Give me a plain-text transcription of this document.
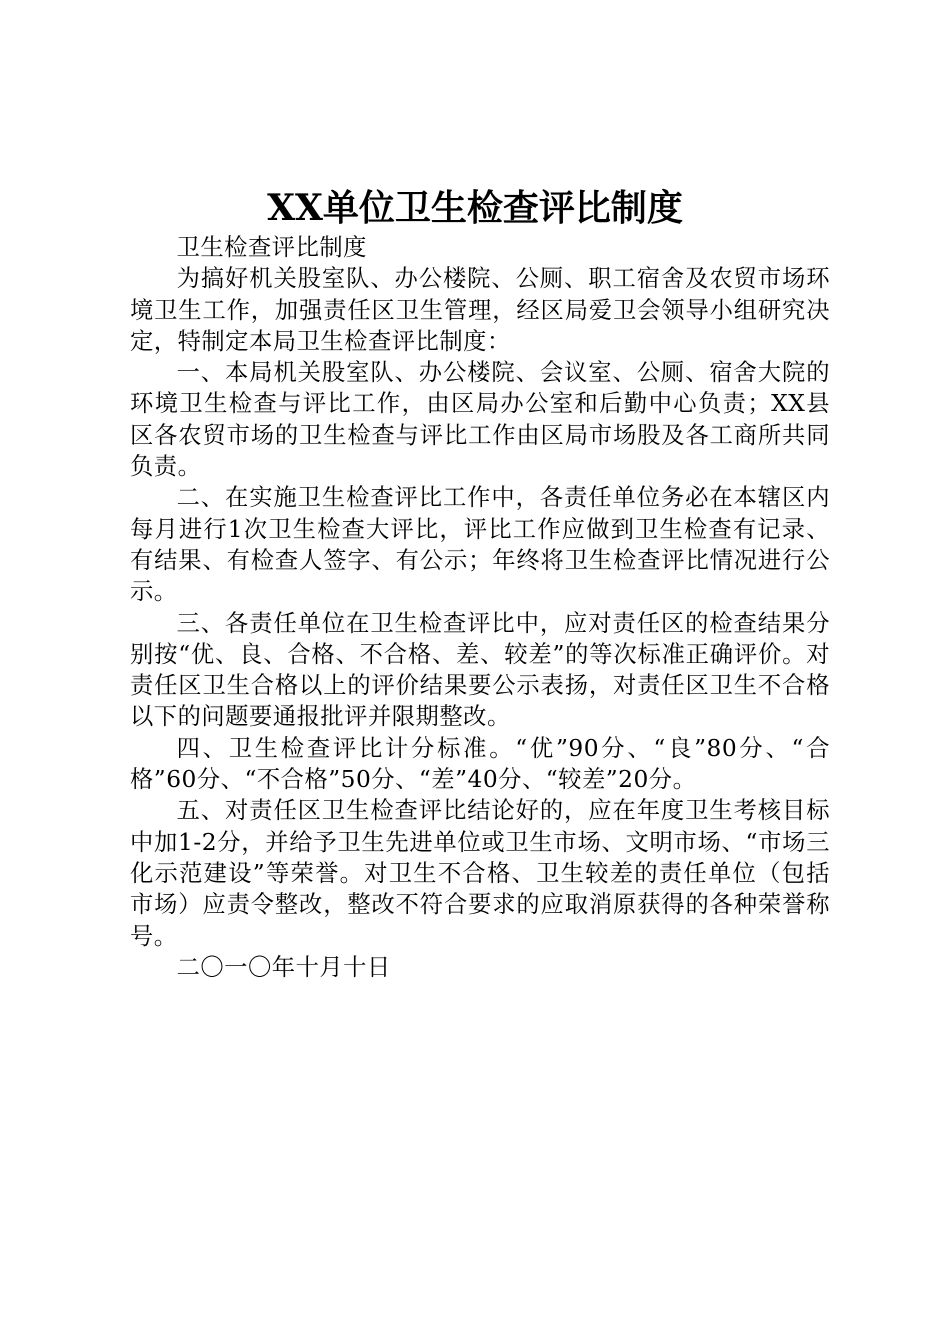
XX单位卫生检查评比制度

卫生检查评比制度

为搞好机关股室队、办公楼院、公厕、职工宿舍及农贸市场环境卫生工作，加强责任区卫生管理，经区局爱卫会领导小组研究决定，特制定本局卫生检查评比制度：

一、本局机关股室队、办公楼院、会议室、公厕、宿舍大院的环境卫生检查与评比工作，由区局办公室和后勤中心负责；XX县区各农贸市场的卫生检查与评比工作由区局市场股及各工商所共同负责。

二、在实施卫生检查评比工作中，各责任单位务必在本辖区内每月进行1次卫生检查大评比，评比工作应做到卫生检查有记录、有结果、有检查人签字、有公示；年终将卫生检查评比情况进行公示。

三、各责任单位在卫生检查评比中，应对责任区的检查结果分别按“优、良、合格、不合格、差、较差”的等次标准正确评价。对责任区卫生合格以上的评价结果要公示表扬，对责任区卫生不合格以下的问题要通报批评并限期整改。

四、卫生检查评比计分标准。“优”90分、“良”80分、“合格”60分、“不合格”50分、“差”40分、“较差”20分。

五、对责任区卫生检查评比结论好的，应在年度卫生考核目标中加1-2分，并给予卫生先进单位或卫生市场、文明市场、“市场三化示范建设”等荣誉。对卫生不合格、卫生较差的责任单位（包括市场）应责令整改，整改不符合要求的应取消原获得的各种荣誉称号。

二〇一〇年十月十日
